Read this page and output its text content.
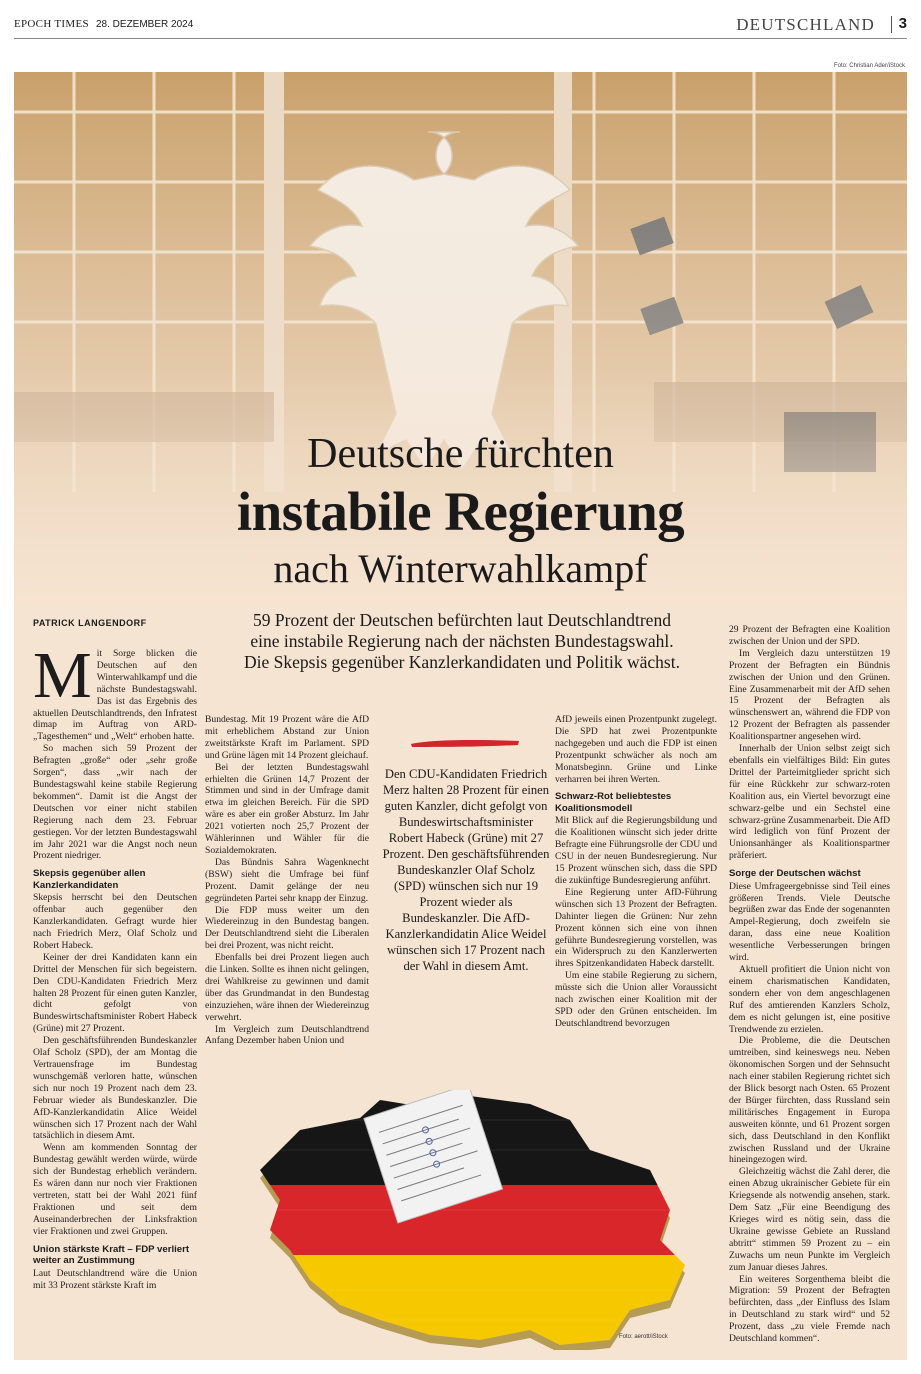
EPOCH TIMES 28. DEZEMBER 2024	DEUTSCHLAND 3
Foto: Christian Ader/iStock
Deutsche fürchten
instabile Regierung
nach Winterwahlkampf

59 Prozent der Deutschen befürchten laut Deutschlandtrend

eine instabile Regierung nach der nächsten Bundestagswahl.

Die Skepsis gegenüber Kanzlerkandidaten und Politik wächst.

PATRICK LANGENDORF
M it Sorge blicken die Deutschen auf den Winterwahlkampf und die nächste Bundestagswahl. Das ist das Ergebnis des aktuellen Deutschlandtrends, den Infratest dimap im Auftrag von ARD-„Tagesthemen“ und „Welt“ erhoben hatte.

So machen sich 59 Prozent der Befragten „große“ oder „sehr große Sorgen“, dass „wir nach der Bundestagswahl keine stabile Regierung bekommen“. Damit ist die Angst der Deutschen vor einer nicht stabilen Regierung nach dem 23. Februar gestiegen. Vor der letzten Bundestagswahl im Jahr 2021 war die Angst noch neun Prozent niedriger.

Skepsis gegenüber allen Kanzlerkandidaten

Skepsis herrscht bei den Deutschen offenbar auch gegenüber den Kanzlerkandidaten. Gefragt wurde hier nach Friedrich Merz, Olaf Scholz und Robert Habeck.

Keiner der drei Kandidaten kann ein Drittel der Menschen für sich begeistern. Den CDU-Kandidaten Friedrich Merz halten 28 Prozent für einen guten Kanzler, dicht gefolgt von Bundeswirtschaftsminister Robert Habeck (Grüne) mit 27 Prozent.

Den geschäftsführenden Bundeskanzler Olaf Scholz (SPD), der am Montag die Vertrauensfrage im Bundestag wunschgemäß verloren hatte, wünschen sich nur noch 19 Prozent nach dem 23. Februar wieder als Bundeskanzler. Die AfD-Kanzlerkandidatin Alice Weidel wünschen sich 17 Prozent nach der Wahl tatsächlich in diesem Amt.

Wenn am kommenden Sonntag der Bundestag gewählt werden würde, würde sich der Bundestag erheblich verändern. Es wären dann nur noch vier Fraktionen vertreten, statt bei der Wahl 2021 fünf Fraktionen und seit dem Auseinanderbrechen der Linksfraktion vier Fraktionen und zwei Gruppen.

Union stärkste Kraft – FDP verliert weiter an Zustimmung

Laut Deutschlandtrend wäre die Union mit 33 Prozent stärkste Kraft im

Bundestag. Mit 19 Prozent wäre die AfD mit erheblichem Abstand zur Union zweitstärkste Kraft im Parlament. SPD und Grüne lägen mit 14 Prozent gleichauf.

Bei der letzten Bundestagswahl erhielten die Grünen 14,7 Prozent der Stimmen und sind in der Umfrage damit etwa im gleichen Bereich. Für die SPD wäre es aber ein großer Absturz. Im Jahr 2021 votierten noch 25,7 Prozent der Wählerinnen und Wähler für die Sozialdemokraten.

Das Bündnis Sahra Wagenknecht (BSW) sieht die Umfrage bei fünf Prozent. Damit gelänge der neu gegründeten Partei sehr knapp der Einzug.

Die FDP muss weiter um den Wiedereinzug in den Bundestag bangen. Der Deutschlandtrend sieht die Liberalen bei drei Prozent, was nicht reicht.

Ebenfalls bei drei Prozent liegen auch die Linken. Sollte es ihnen nicht gelingen, drei Wahlkreise zu gewinnen und damit über das Grundmandat in den Bundestag einzuziehen, wäre ihnen der Wiedereinzug verwehrt.

Im Vergleich zum Deutschlandtrend Anfang Dezember haben Union und

Den CDU-Kandidaten Friedrich Merz halten 28 Prozent für einen guten Kanzler, dicht gefolgt von Bundeswirtschaftsminister Robert Habeck (Grüne) mit 27 Prozent. Den geschäftsführenden Bundeskanzler Olaf Scholz (SPD) wünschen sich nur 19 Prozent wieder als Bundeskanzler. Die AfD-Kanzlerkandidatin Alice Weidel wünschen sich 17 Prozent nach der Wahl in diesem Amt.

AfD jeweils einen Prozentpunkt zugelegt. Die SPD hat zwei Prozentpunkte nachgegeben und auch die FDP ist einen Prozentpunkt schwächer als noch am Monatsbeginn. Grüne und Linke verharren bei ihren Werten.

Schwarz-Rot beliebtestes Koalitionsmodell

Mit Blick auf die Regierungsbildung und die Koalitionen wünscht sich jeder dritte Befragte eine Führungsrolle der CDU und CSU in der neuen Bundesregierung. Nur 15 Prozent wünschen sich, dass die SPD die zukünftige Bundesregierung anführt.

Eine Regierung unter AfD-Führung wünschen sich 13 Prozent der Befragten. Dahinter liegen die Grünen: Nur zehn Prozent können sich eine von ihnen geführte Bundesregierung vorstellen, was ein Widerspruch zu den Kanzlerwerten ihres Spitzenkandidaten Habeck darstellt.

Um eine stabile Regierung zu sichern, müsste sich die Union aller Voraussicht nach zwischen einer Koalition mit der SPD oder den Grünen entscheiden. Im Deutschlandtrend bevorzugen

29 Prozent der Befragten eine Koalition zwischen der Union und der SPD.

Im Vergleich dazu unterstützen 19 Prozent der Befragten ein Bündnis zwischen der Union und den Grünen. Eine Zusammenarbeit mit der AfD sehen 15 Prozent der Befragten als wünschenswert an, während die FDP von 12 Prozent der Befragten als passender Koalitionspartner angesehen wird.

Innerhalb der Union selbst zeigt sich ebenfalls ein vielfältiges Bild: Ein gutes Drittel der Parteimitglieder spricht sich für eine Rückkehr zur schwarz-roten Koalition aus, ein Viertel bevorzugt eine schwarz-gelbe und ein Sechstel eine schwarz-grüne Zusammenarbeit. Die AfD wird lediglich von fünf Prozent der Unionsanhänger als Koalitionspartner präferiert.

Sorge der Deutschen wächst

Diese Umfrageergebnisse sind Teil eines größeren Trends. Viele Deutsche begrüßen zwar das Ende der sogenannten Ampel-Regierung, doch zweifeln sie daran, dass eine neue Koalition wesentliche Verbesserungen bringen wird.

Aktuell profitiert die Union nicht von einem charismatischen Kandidaten, sondern eher von dem angeschlagenen Ruf des amtierenden Kanzlers Scholz, dem es nicht gelungen ist, eine positive Trendwende zu erzielen.

Die Probleme, die die Deutschen umtreiben, sind keineswegs neu. Neben ökonomischen Sorgen und der Sehnsucht nach einer stabilen Regierung richtet sich der Blick besorgt nach Osten. 65 Prozent der Bürger fürchten, dass Russland sein militärisches Engagement in Europa ausweiten könnte, und 61 Prozent sorgen sich, dass Deutschland in den Konflikt zwischen Russland und der Ukraine hineingezogen wird.

Gleichzeitig wächst die Zahl derer, die einen Abzug ukrainischer Gebiete für ein Kriegsende als notwendig ansehen, stark. Dem Satz „Für eine Beendigung des Krieges wird es nötig sein, dass die Ukraine gewisse Gebiete an Russland abtritt“ stimmen 59 Prozent zu – ein Zuwachs um neun Punkte im Vergleich zum Januar dieses Jahres.

Ein weiteres Sorgenthema bleibt die Migration: 59 Prozent der Befragten befürchten, dass „der Einfluss des Islam in Deutschland zu stark wird“ und 52 Prozent, dass „zu viele Fremde nach Deutschland kommen“.

Foto: aerott/iStock
